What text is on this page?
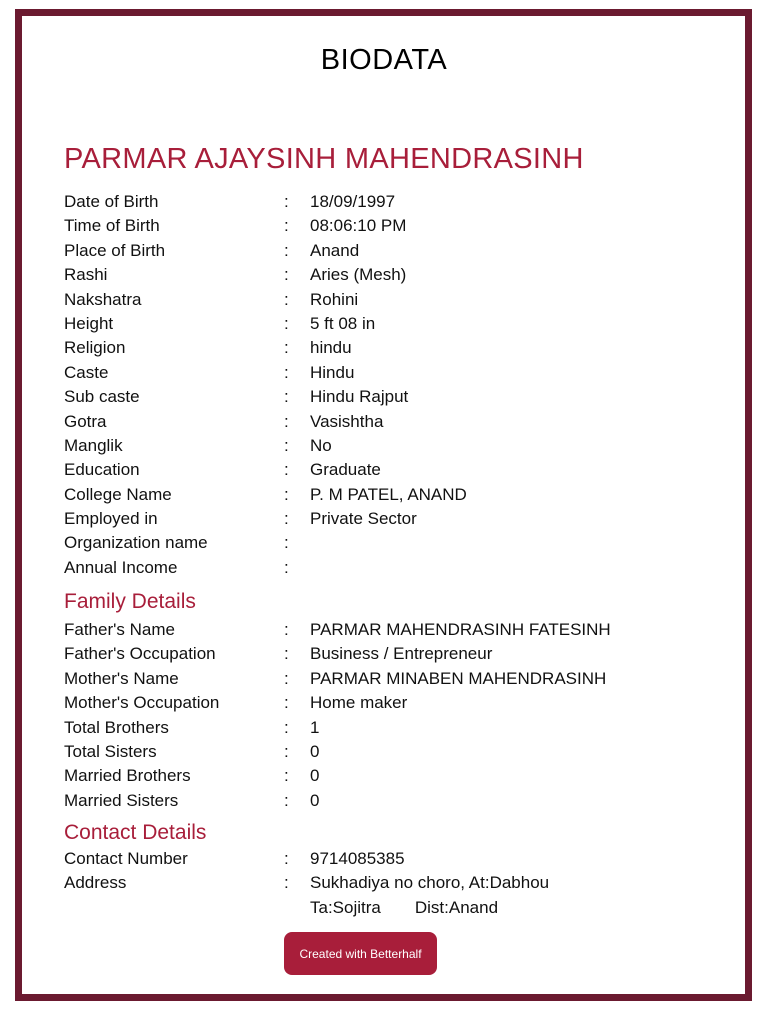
BIODATA
PARMAR AJAYSINH MAHENDRASINH
Date of Birth	: 18/09/1997
Time of Birth	: 08:06:10 PM
Place of Birth	: Anand
Rashi	: Aries (Mesh)
Nakshatra	: Rohini
Height	: 5 ft 08 in
Religion	: hindu
Caste	: Hindu
Sub caste	: Hindu Rajput
Gotra	: Vasishtha
Manglik	: No
Education	: Graduate
College Name	: P. M PATEL, ANAND
Employed in	: Private Sector
Organization name	:
Annual Income	:
Family Details
Father's Name	: PARMAR MAHENDRASINH FATESINH
Father's Occupation	: Business / Entrepreneur
Mother's Name	: PARMAR MINABEN MAHENDRASINH
Mother's Occupation	: Home maker
Total Brothers	: 1
Total Sisters	: 0
Married Brothers	: 0
Married Sisters	: 0
Contact Details
Contact Number	: 9714085385
Address	: Sukhadiya no choro, At:Dabhou
Ta:Sojitra Dist:Anand
Created with Betterhalf
